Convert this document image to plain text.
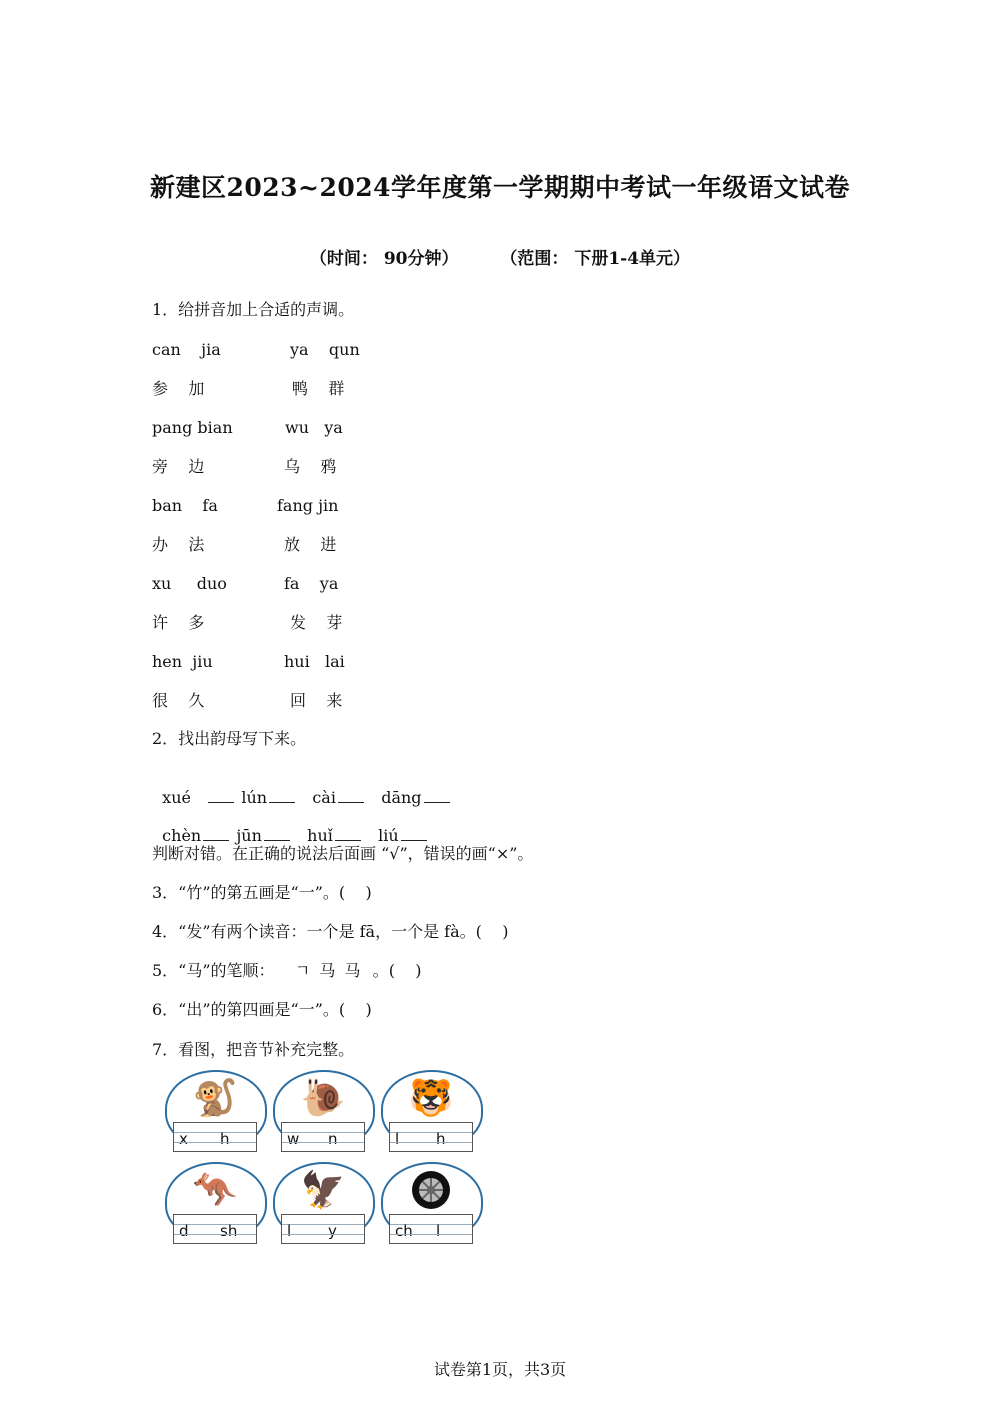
新建区2023~2024学年度第一学期期中考试一年级语文试卷
（时间： 90分钟） （范围： 下册1-4单元）
1．给拼音加上合适的声调。
can    jia	ya    qun
参    加	鸭    群
pang bian	wu   ya
旁    边	乌    鸦
ban    fa	fang jin
办    法	放    进
xu     duo	fa    ya
许    多	发    芽
hen  jiu	hui   lai
很    久	回    来
2．找出韵母写下来。

xué	lún	cài	dāng

chèn jūn	huǐ	liú

判断对错。在正确的说法后面画 “√”，错误的画“×”。
3．“竹”的第五画是“一”。(    )
4．“发”有两个读音：一个是 fā，一个是 fà。(    )
5．“马”的笔顺： ㄱ 马 马 。(    )
6．“出”的第四画是“一”。(    )
7．看图，把音节补充完整。
🐒
x h
🐌
w n
🐯
l h
🦘
d sh
🦅
l y	ch l
试卷第1页，共3页
